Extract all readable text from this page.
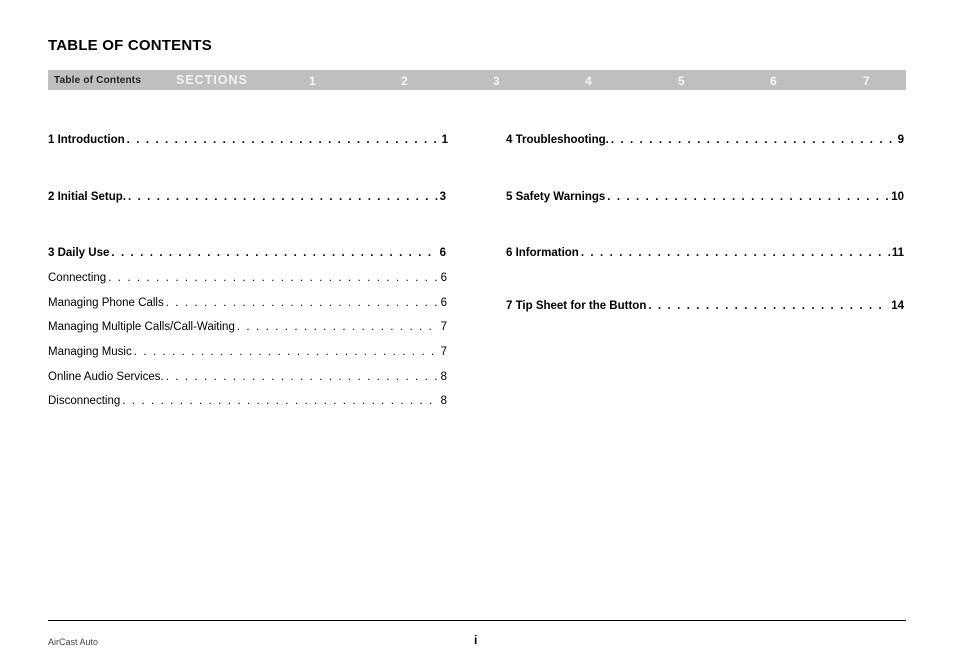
TABLE OF CONTENTS
Table of Contents	SECTIONS	1	2	3	4	5	6	7
1 Introduction . . .	1
2 Initial Setup. . . .	3
3 Daily Use . . .	6
Connecting . . .	6
Managing Phone Calls . . .	6
Managing Multiple Calls/Call-Waiting . . .	7
Managing Music . . .	7
Online Audio Services. . . .	8
Disconnecting . . .	8
4 Troubleshooting. . . .	9
5 Safety Warnings . . .	10
6 Information . . .	11
7 Tip Sheet for the Button . . .	14
AirCast Auto	i
